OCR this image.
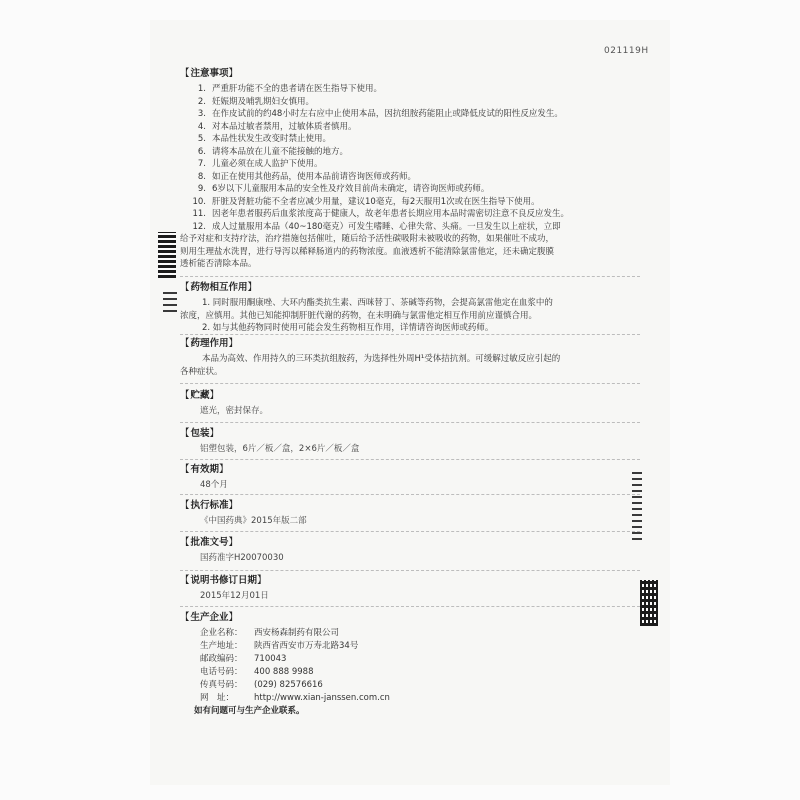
021119H
【注意事项】
1. 严重肝功能不全的患者请在医生指导下使用。
2. 妊娠期及哺乳期妇女慎用。
3. 在作皮试前的约48小时左右应中止使用本品，因抗组胺药能阻止或降低皮试的阳性反应发生。
4. 对本品过敏者禁用，过敏体质者慎用。
5. 本品性状发生改变时禁止使用。
6. 请将本品放在儿童不能接触的地方。
7. 儿童必须在成人监护下使用。
8. 如正在使用其他药品，使用本品前请咨询医师或药师。
9. 6岁以下儿童服用本品的安全性及疗效目前尚未确定，请咨询医师或药师。
10. 肝脏及肾脏功能不全者应减少用量，建议10毫克，每2天服用1次或在医生指导下使用。
11. 因老年患者服药后血浆浓度高于健康人，故老年患者长期应用本品时需密切注意不良反应发生。
12. 成人过量服用本品（40~180毫克）可发生嗜睡、心律失常、头痛。一旦发生以上症状，立即
给予对症和支持疗法，治疗措施包括催吐，随后给予活性碳吸附未被吸收的药物，如果催吐不成功，
则用生理盐水洗胃，进行导泻以稀释肠道内的药物浓度。血液透析不能清除氯雷他定，还未确定腹膜
透析能否清除本品。
【药物相互作用】
1. 同时服用酮康唑、大环内酯类抗生素、西咪替丁、茶碱等药物，会提高氯雷他定在血浆中的
浓度，应慎用。其他已知能抑制肝脏代谢的药物，在未明确与氯雷他定相互作用前应谨慎合用。
2. 如与其他药物同时使用可能会发生药物相互作用，详情请咨询医师或药师。
【药理作用】
本品为高效、作用持久的三环类抗组胺药，为选择性外周H¹受体拮抗剂。可缓解过敏反应引起的
各种症状。
【贮藏】
遮光，密封保存。
【包装】
铝塑包装，6片／板／盒，2×6片／板／盒
【有效期】
48个月
【执行标准】
《中国药典》2015年版二部
【批准文号】
国药准字H20070030
【说明书修订日期】
2015年12月01日
【生产企业】
企业名称： 西安杨森制药有限公司
生产地址： 陕西省西安市万寿北路34号
邮政编码： 710043
电话号码： 400 888 9988
传真号码： (029) 82576616
网　址： http://www.xian-janssen.com.cn
如有问题可与生产企业联系。
